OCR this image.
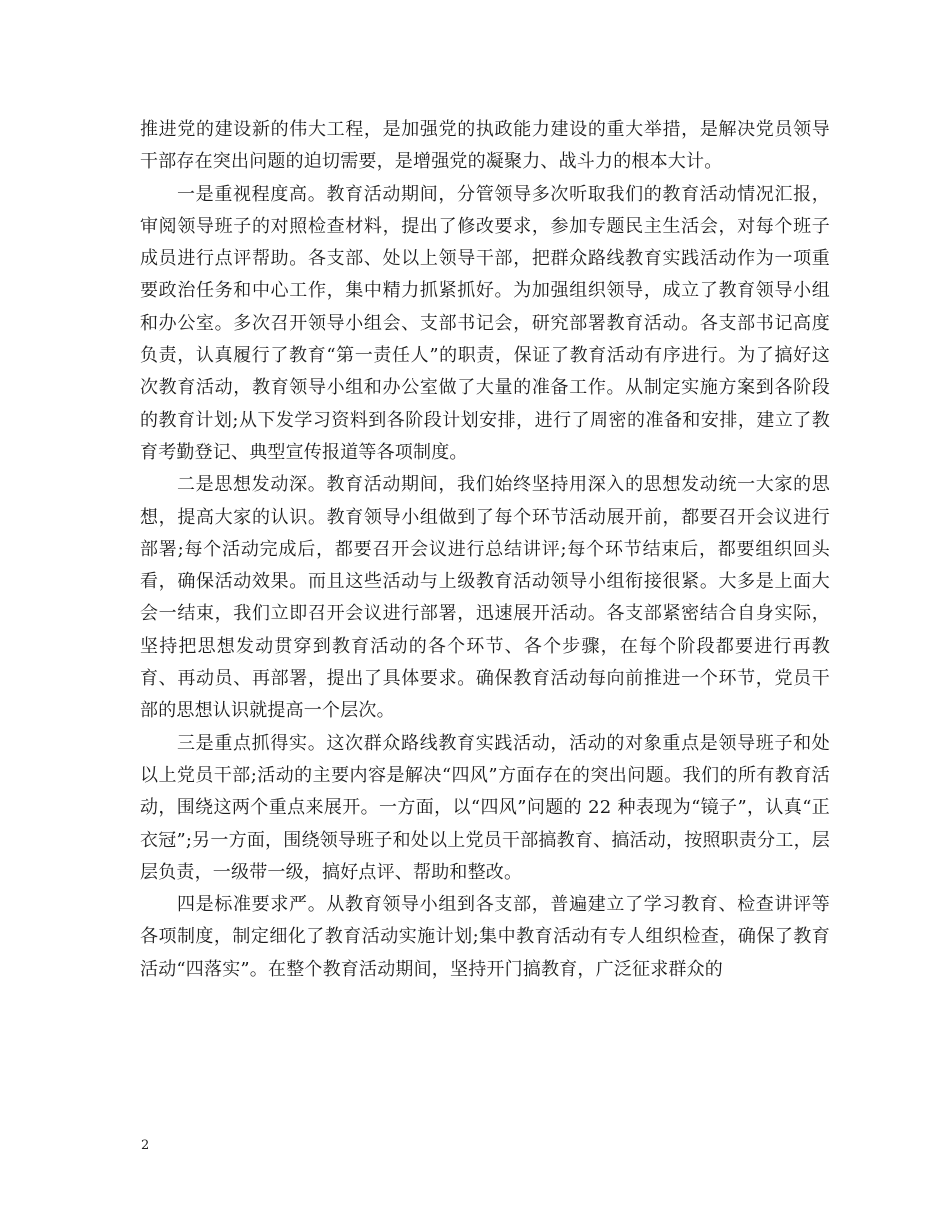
推进党的建设新的伟大工程，是加强党的执政能力建设的重大举措，是解决党员领导干部存在突出问题的迫切需要，是增强党的凝聚力、战斗力的根本大计。

一是重视程度高。教育活动期间，分管领导多次听取我们的教育活动情况汇报，审阅领导班子的对照检查材料，提出了修改要求，参加专题民主生活会，对每个班子成员进行点评帮助。各支部、处以上领导干部，把群众路线教育实践活动作为一项重要政治任务和中心工作，集中精力抓紧抓好。为加强组织领导，成立了教育领导小组和办公室。多次召开领导小组会、支部书记会，研究部署教育活动。各支部书记高度负责，认真履行了教育“第一责任人”的职责，保证了教育活动有序进行。为了搞好这次教育活动，教育领导小组和办公室做了大量的准备工作。从制定实施方案到各阶段的教育计划;从下发学习资料到各阶段计划安排，进行了周密的准备和安排，建立了教育考勤登记、典型宣传报道等各项制度。

二是思想发动深。教育活动期间，我们始终坚持用深入的思想发动统一大家的思想，提高大家的认识。教育领导小组做到了每个环节活动展开前，都要召开会议进行部署;每个活动完成后，都要召开会议进行总结讲评;每个环节结束后，都要组织回头看，确保活动效果。而且这些活动与上级教育活动领导小组衔接很紧。大多是上面大会一结束，我们立即召开会议进行部署，迅速展开活动。各支部紧密结合自身实际，坚持把思想发动贯穿到教育活动的各个环节、各个步骤，在每个阶段都要进行再教育、再动员、再部署，提出了具体要求。确保教育活动每向前推进一个环节，党员干部的思想认识就提高一个层次。

三是重点抓得实。这次群众路线教育实践活动，活动的对象重点是领导班子和处以上党员干部;活动的主要内容是解决“四风”方面存在的突出问题。我们的所有教育活动，围绕这两个重点来展开。一方面，以“四风”问题的 22 种表现为“镜子”，认真“正衣冠”;另一方面，围绕领导班子和处以上党员干部搞教育、搞活动，按照职责分工，层层负责，一级带一级，搞好点评、帮助和整改。

四是标准要求严。从教育领导小组到各支部，普遍建立了学习教育、检查讲评等各项制度，制定细化了教育活动实施计划;集中教育活动有专人组织检查，确保了教育活动“四落实”。在整个教育活动期间，坚持开门搞教育，广泛征求群众的

2
